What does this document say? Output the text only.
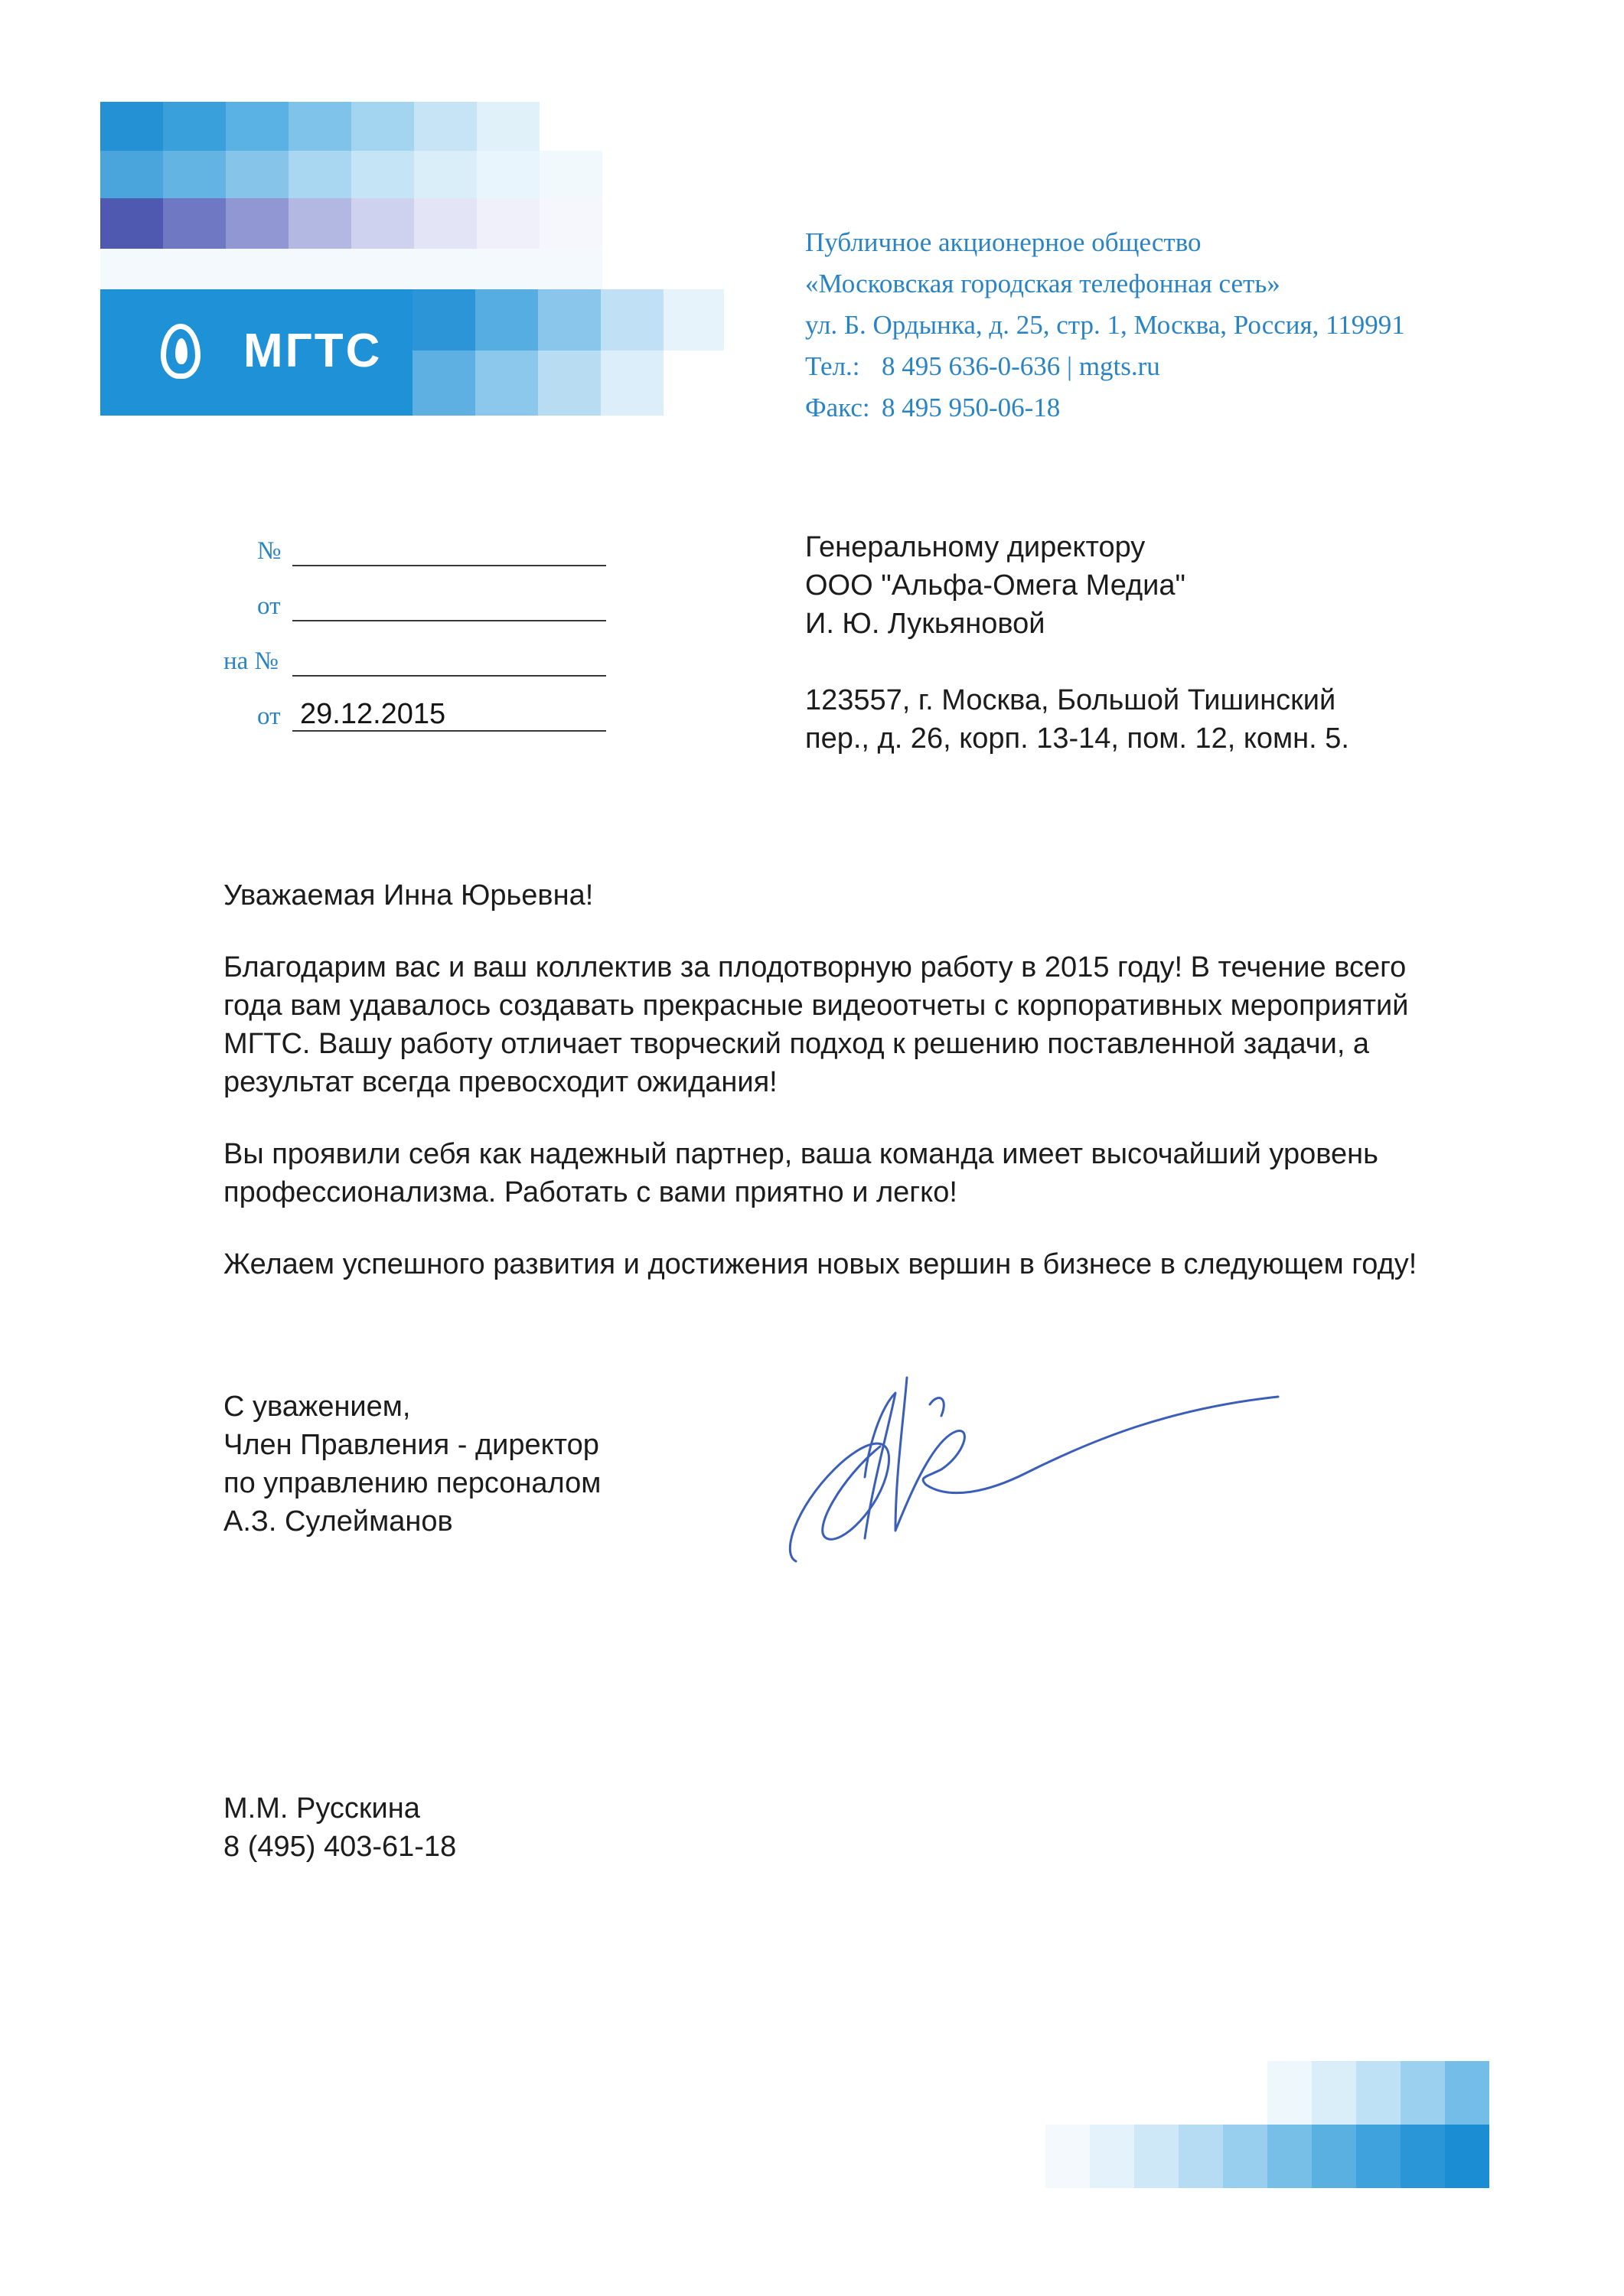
МГТС
Публичное акционерное общество
«Московская городская телефонная сеть»
ул. Б. Ордынка, д. 25, стр. 1, Москва, Россия, 119991
Тел.: 8 495 636-0-636 | mgts.ru
Факс: 8 495 950-06-18
№
от
на №
от 29.12.2015
Генеральному директору
ООО "Альфа-Омега Медиа"
И. Ю. Лукьяновой
123557, г. Москва, Большой Тишинский
пер., д. 26, корп. 13-14, пом. 12, комн. 5.

Уважаемая Инна Юрьевна!

Благодарим вас и ваш коллектив за плодотворную работу в 2015 году! В течение всего
года вам удавалось создавать прекрасные видеоотчеты с корпоративных мероприятий
МГТС. Вашу работу отличает творческий подход к решению поставленной задачи, а
результат всегда превосходит ожидания!

Вы проявили себя как надежный партнер, ваша команда имеет высочайший уровень
профессионализма. Работать с вами приятно и легко!

Желаем успешного развития и достижения новых вершин в бизнесе в следующем году!

С уважением,
Член Правления - директор
по управлению персоналом
А.З. Сулейманов
М.М. Русскина
8 (495) 403-61-18
